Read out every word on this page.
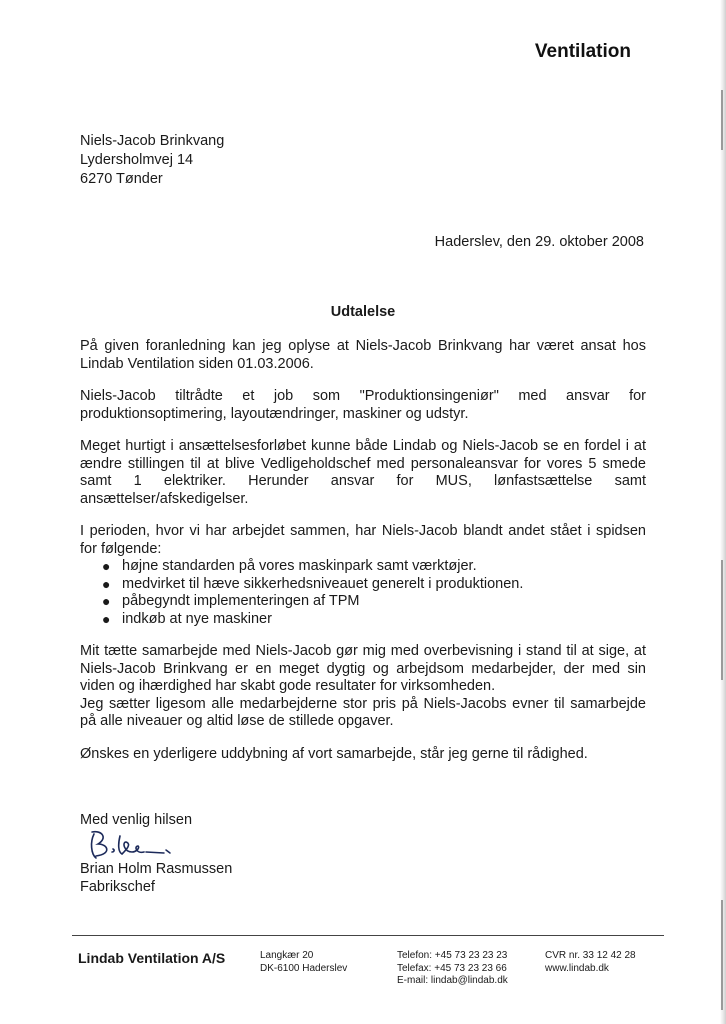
Ventilation
Niels-Jacob Brinkvang
Lydersholmvej 14
6270 Tønder
Haderslev, den 29. oktober 2008
Udtalelse

På given foranledning kan jeg oplyse at Niels-Jacob Brinkvang har været ansat hos Lindab Ventilation siden 01.03.2006.

Niels-Jacob tiltrådte et job som "Produktionsingeniør" med ansvar for produktionsoptimering, layoutændringer, maskiner og udstyr.

Meget hurtigt i ansættelsesforløbet kunne både Lindab og Niels-Jacob se en fordel i at ændre stillingen til at blive Vedligeholdschef med personaleansvar for vores 5 smede samt 1 elektriker. Herunder ansvar for MUS, lønfastsættelse samt ansættelser/afskedigelser.

I perioden, hvor vi har arbejdet sammen, har Niels-Jacob blandt andet stået i spidsen for følgende:

● højne standarden på vores maskinpark samt værktøjer.
● medvirket til hæve sikkerhedsniveauet generelt i produktionen.
● påbegyndt implementeringen af TPM
● indkøb at nye maskiner

Mit tætte samarbejde med Niels-Jacob gør mig med overbevisning i stand til at sige, at Niels-Jacob Brinkvang er en meget dygtig og arbejdsom medarbejder, der med sin viden og ihærdighed har skabt gode resultater for virksomheden.

Jeg sætter ligesom alle medarbejderne stor pris på Niels-Jacobs evner til samarbejde på alle niveauer og altid løse de stillede opgaver.

Ønskes en yderligere uddybning af vort samarbejde, står jeg gerne til rådighed.

Med venlig hilsen
Brian Holm Rasmussen
Fabrikschef
Lindab Ventilation A/S	Langkær 20
DK-6100 Haderslev
Telefon: +45 73 23 23 23
Telefax: +45 73 23 23 66
E-mail: lindab@lindab.dk
CVR nr. 33 12 42 28
www.lindab.dk
